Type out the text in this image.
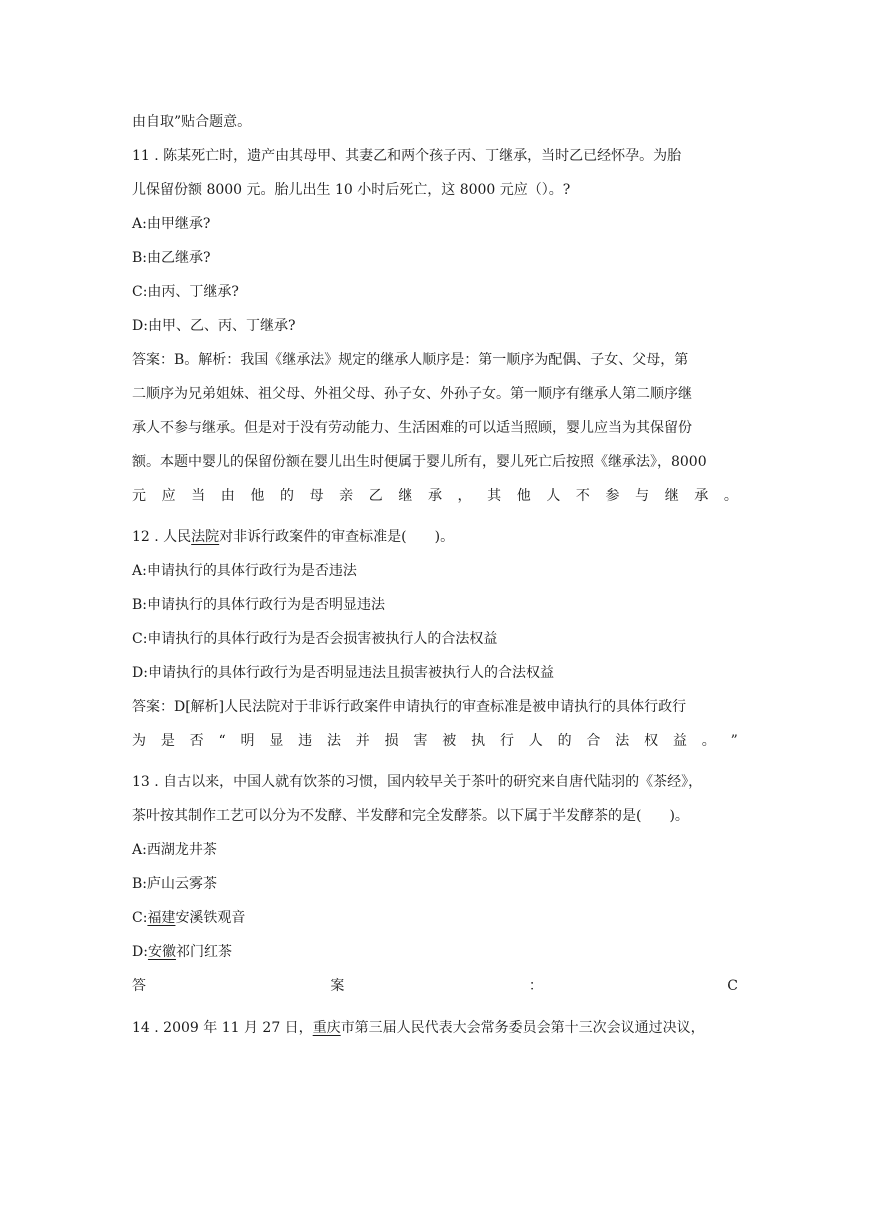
由自取”贴合题意。
11 . 陈某死亡时，遗产由其母甲、其妻乙和两个孩子丙、丁继承，当时乙已经怀孕。为胎
儿保留份额 8000 元。胎儿出生 10 小时后死亡，这 8000 元应（）。?
A:由甲继承?
B:由乙继承?
C:由丙、丁继承?
D:由甲、乙、丙、丁继承?
答案：B。解析：我国《继承法》规定的继承人顺序是：第一顺序为配偶、子女、父母，第
二顺序为兄弟姐妹、祖父母、外祖父母、孙子女、外孙子女。第一顺序有继承人第二顺序继
承人不参与继承。但是对于没有劳动能力、生活困难的可以适当照顾，婴儿应当为其保留份
额。本题中婴儿的保留份额在婴儿出生时便属于婴儿所有，婴儿死亡后按照《继承法》，8000
元 应 当 由 他 的 母 亲 乙 继 承 ， 其 他 人 不 参 与 继 承 。
12 . 人民法院对非诉行政案件的审查标准是(　　)。
A:申请执行的具体行政行为是否违法
B:申请执行的具体行政行为是否明显违法
C:申请执行的具体行政行为是否会损害被执行人的合法权益
D:申请执行的具体行政行为是否明显违法且损害被执行人的合法权益
答案：D[解析]人民法院对于非诉行政案件申请执行的审查标准是被申请执行的具体行政行
为 是 否 “ 明 显 违 法 并 损 害 被 执 行 人 的 合 法 权 益 。 ”
13 . 自古以来，中国人就有饮茶的习惯，国内较早关于茶叶的研究来自唐代陆羽的《茶经》，
茶叶按其制作工艺可以分为不发酵、半发酵和完全发酵茶。以下属于半发酵茶的是(　　)。
A:西湖龙井茶
B:庐山云雾茶
C:福建安溪铁观音
D:安徽祁门红茶
答	案	：	C
14 . 2009 年 11 月 27 日，重庆市第三届人民代表大会常务委员会第十三次会议通过决议，
